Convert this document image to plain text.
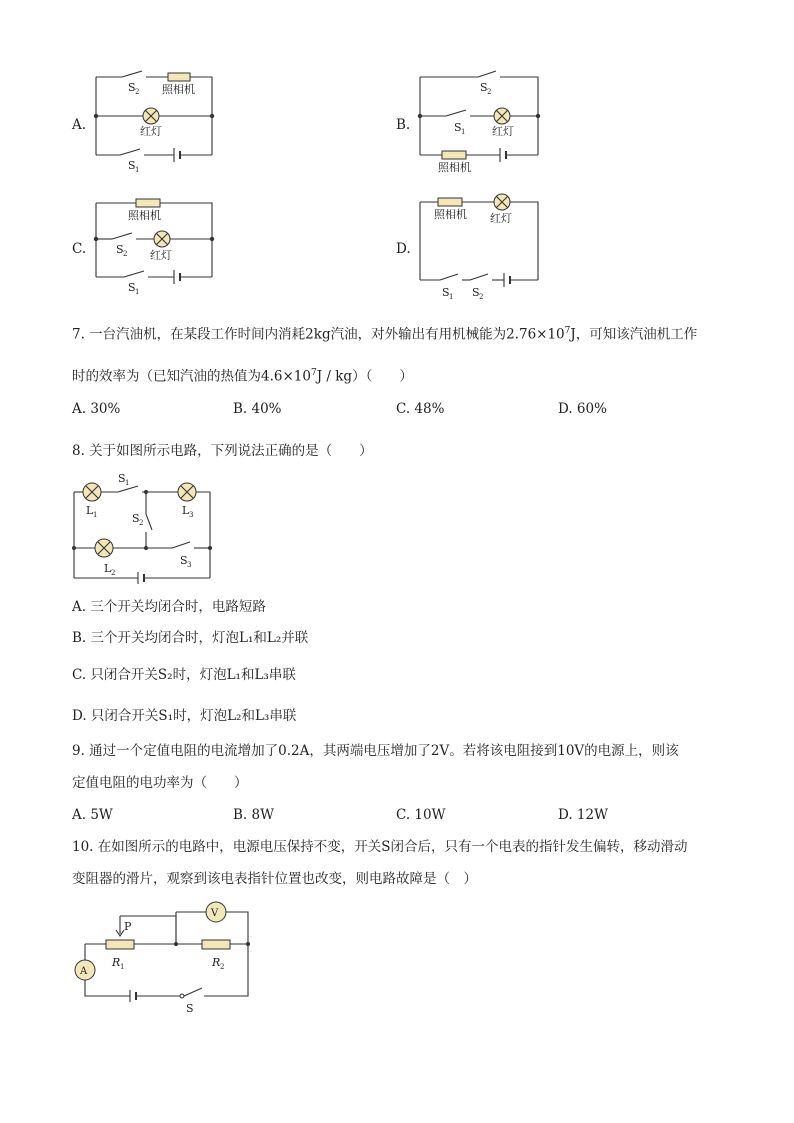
A.
S 2 照相机
红灯
S 1
B.
S 2
S 1 红灯
照相机
C.
照相机
S 2 红灯
S 1
D.
照相机 红灯
S 1 S 2
7. 一台汽油机，在某段工作时间内消耗2kg汽油，对外输出有用机械能为$2.76\times 10^7J$，可知该汽油机工作
时的效率为（已知汽油的热值为$4.6\times 10^7J / kg$）（　　）
A. 30%	B. 40%	C. 48%	D. 60%
8. 关于如图所示电路，下列说法正确的是（　　）
L 1
S 1
L 3
S 2
L 2
S 3
A. 三个开关均闭合时，电路短路
B. 三个开关均闭合时，灯泡L₁和L₂并联
C. 只闭合开关S₂时，灯泡L₁和L₃串联
D. 只闭合开关S₁时，灯泡L₂和L₃串联
9. 通过一个定值电阻的电流增加了0.2A，其两端电压增加了2V。若将该电阻接到10V的电源上，则该
定值电阻的电功率为（　　）
A. 5W	B. 8W	C. 10W	D. 12W
10. 在如图所示的电路中，电源电压保持不变，开关S闭合后，只有一个电表的指针发生偏转，移动滑动
变阻器的滑片，观察到该电表指针位置也改变，则电路故障是（　）
P
R 1	R 2
V
A
S
